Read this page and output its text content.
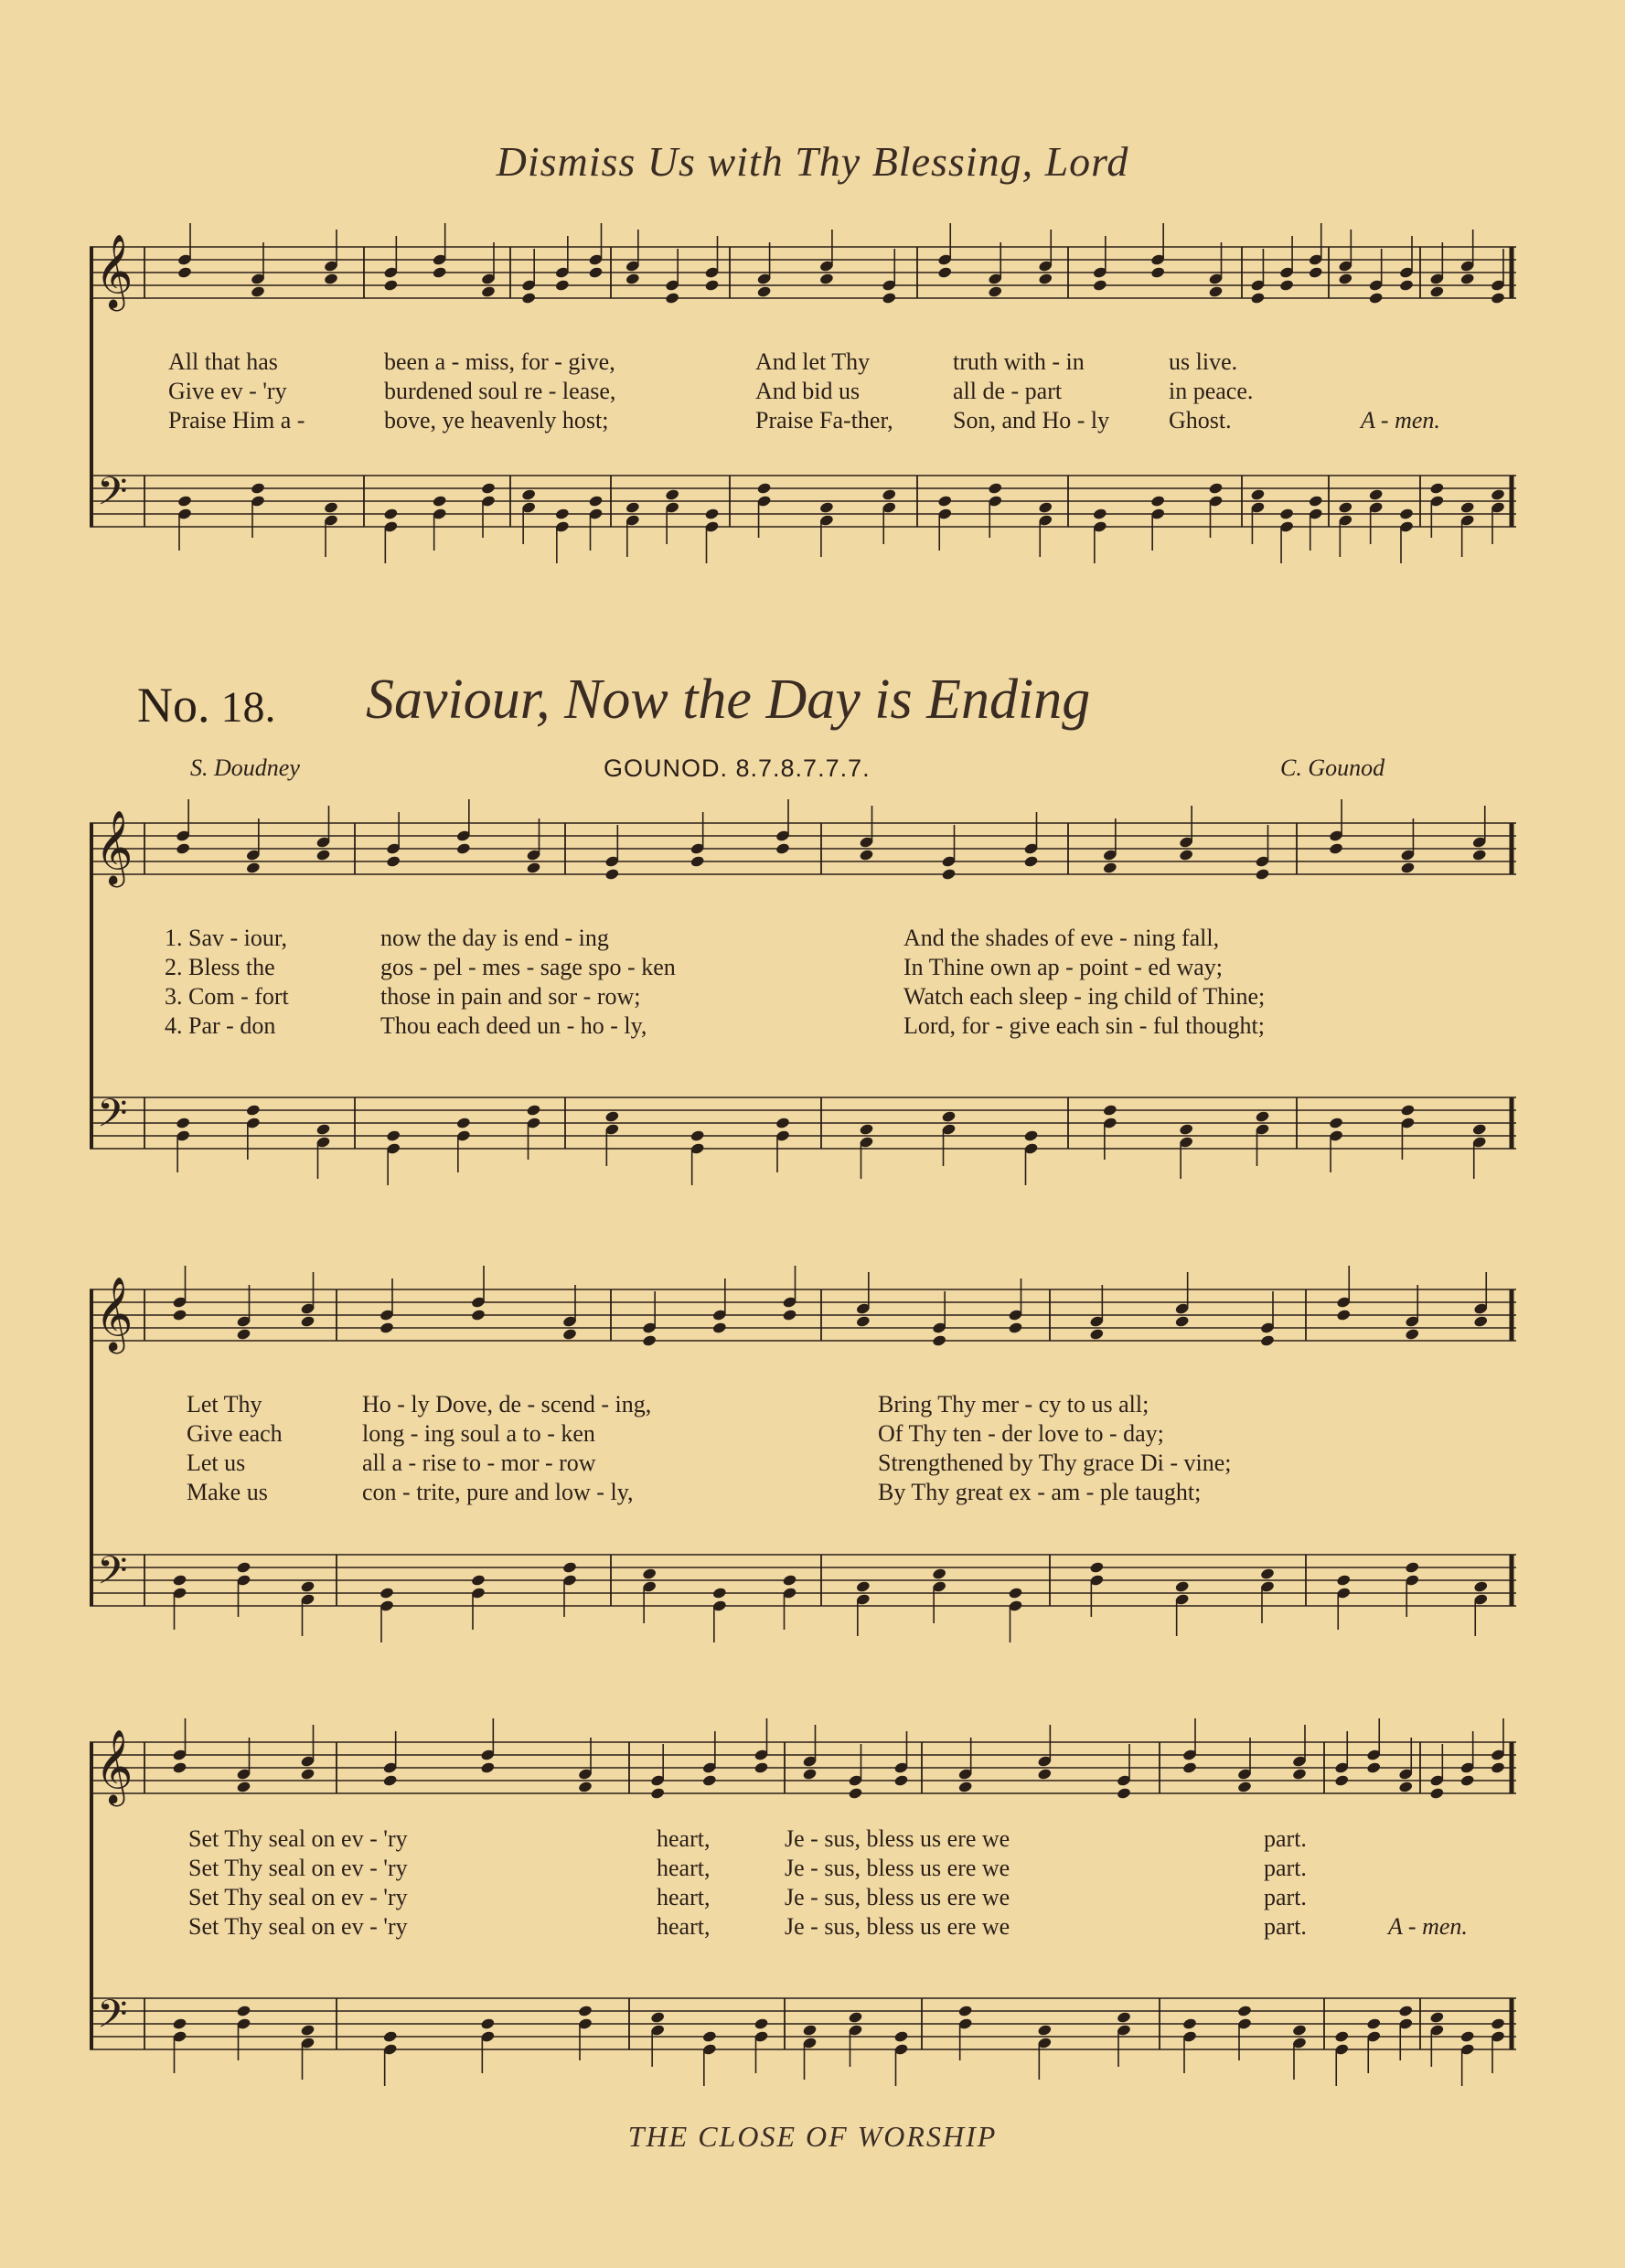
Dismiss Us with Thy Blessing, Lord
𝄞
𝄢
All that has	been a - miss, for - give,	And let Thy	truth with - in	us live.
Give ev - 'ry	burdened soul re - lease,	And bid us	all de - part	in peace.
Praise Him a -	bove, ye heavenly host;	Praise Fa-ther,	Son, and Ho - ly Ghost.	A - men.
No. 18. Saviour, Now the Day is Ending
S. Doudney	GOUNOD. 8.7.8.7.7.7.	C. Gounod
𝄞
𝄢
1. Sav - iour,	now the day is end - ing	And the shades of eve - ning fall,
2. Bless the	gos - pel - mes - sage spo - ken	In Thine own ap - point - ed way;
3. Com - fort	those in pain and sor - row;	Watch each sleep - ing child of Thine;
4. Par - don	Thou each deed un - ho - ly,	Lord, for - give each sin - ful thought;
𝄞
𝄢
Let Thy	Ho - ly Dove, de - scend - ing,	Bring Thy mer - cy to us all;
Give each	long - ing soul a to - ken	Of Thy ten - der love to - day;
Let us	all a - rise to - mor - row	Strengthened by Thy grace Di - vine;
Make us	con - trite, pure and low - ly,	By Thy great ex - am - ple taught;
𝄞
𝄢
Set Thy seal on ev - 'ry	heart,	Je - sus, bless us ere we	part.
Set Thy seal on ev - 'ry	heart,	Je - sus, bless us ere we	part.
Set Thy seal on ev - 'ry	heart,	Je - sus, bless us ere we	part.
Set Thy seal on ev - 'ry	heart,	Je - sus, bless us ere we	part.	A - men.
THE CLOSE OF WORSHIP
